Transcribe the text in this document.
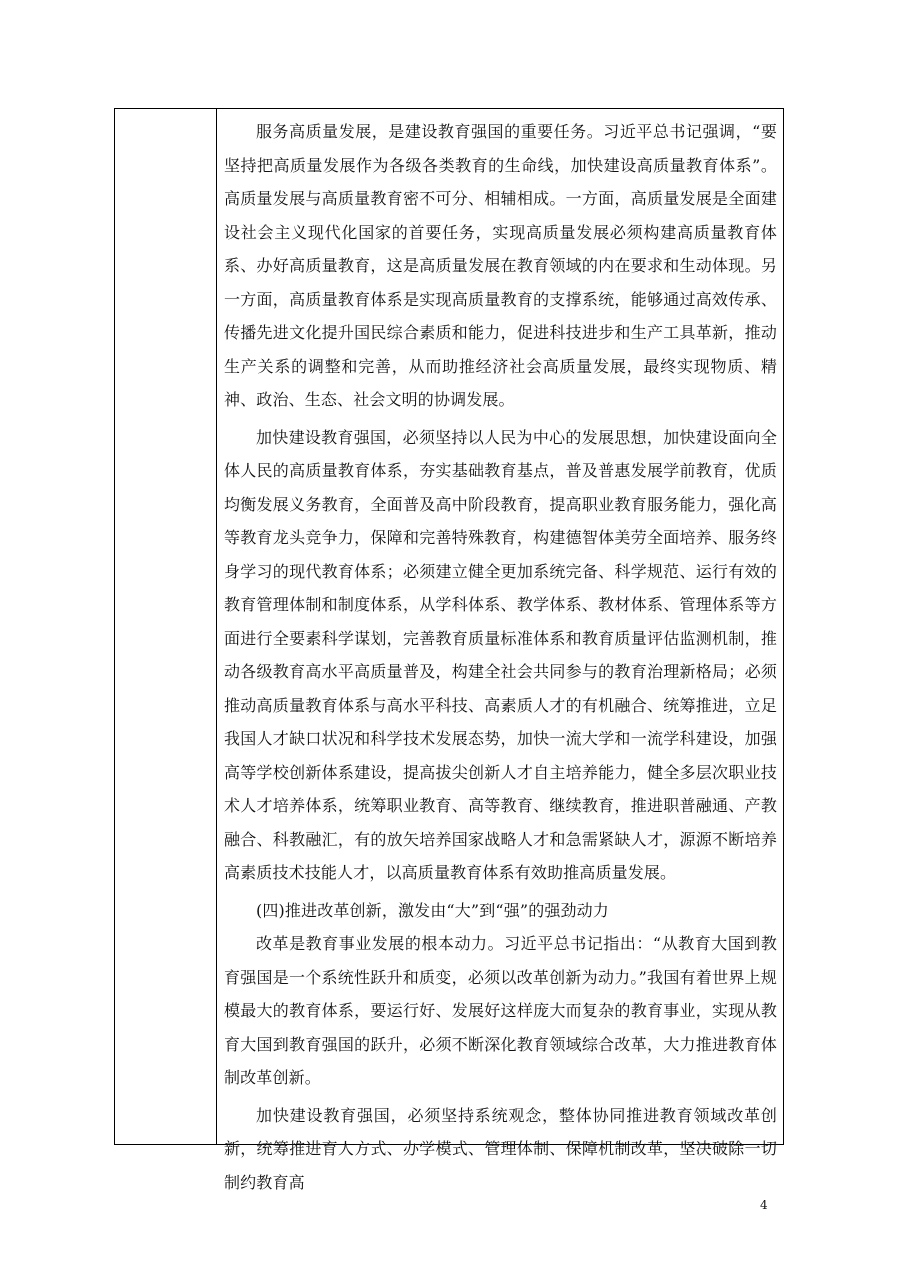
服务高质量发展，是建设教育强国的重要任务。习近平总书记强调，“要坚持把高质量发展作为各级各类教育的生命线，加快建设高质量教育体系”。高质量发展与高质量教育密不可分、相辅相成。一方面，高质量发展是全面建设社会主义现代化国家的首要任务，实现高质量发展必须构建高质量教育体系、办好高质量教育，这是高质量发展在教育领域的内在要求和生动体现。另一方面，高质量教育体系是实现高质量教育的支撑系统，能够通过高效传承、传播先进文化提升国民综合素质和能力，促进科技进步和生产工具革新，推动生产关系的调整和完善，从而助推经济社会高质量发展，最终实现物质、精神、政治、生态、社会文明的协调发展。

加快建设教育强国，必须坚持以人民为中心的发展思想，加快建设面向全体人民的高质量教育体系，夯实基础教育基点，普及普惠发展学前教育，优质均衡发展义务教育，全面普及高中阶段教育，提高职业教育服务能力，强化高等教育龙头竞争力，保障和完善特殊教育，构建德智体美劳全面培养、服务终身学习的现代教育体系；必须建立健全更加系统完备、科学规范、运行有效的教育管理体制和制度体系，从学科体系、教学体系、教材体系、管理体系等方面进行全要素科学谋划，完善教育质量标准体系和教育质量评估监测机制，推动各级教育高水平高质量普及，构建全社会共同参与的教育治理新格局；必须推动高质量教育体系与高水平科技、高素质人才的有机融合、统筹推进，立足我国人才缺口状况和科学技术发展态势，加快一流大学和一流学科建设，加强高等学校创新体系建设，提高拔尖创新人才自主培养能力，健全多层次职业技术人才培养体系，统筹职业教育、高等教育、继续教育，推进职普融通、产教融合、科教融汇，有的放矢培养国家战略人才和急需紧缺人才，源源不断培养高素质技术技能人才，以高质量教育体系有效助推高质量发展。

(四)推进改革创新，激发由“大”到“强”的强劲动力

改革是教育事业发展的根本动力。习近平总书记指出：“从教育大国到教育强国是一个系统性跃升和质变，必须以改革创新为动力。”我国有着世界上规模最大的教育体系，要运行好、发展好这样庞大而复杂的教育事业，实现从教育大国到教育强国的跃升，必须不断深化教育领域综合改革，大力推进教育体制改革创新。

加快建设教育强国，必须坚持系统观念，整体协同推进教育领域改革创新，统筹推进育人方式、办学模式、管理体制、保障机制改革，坚决破除一切制约教育高

4
